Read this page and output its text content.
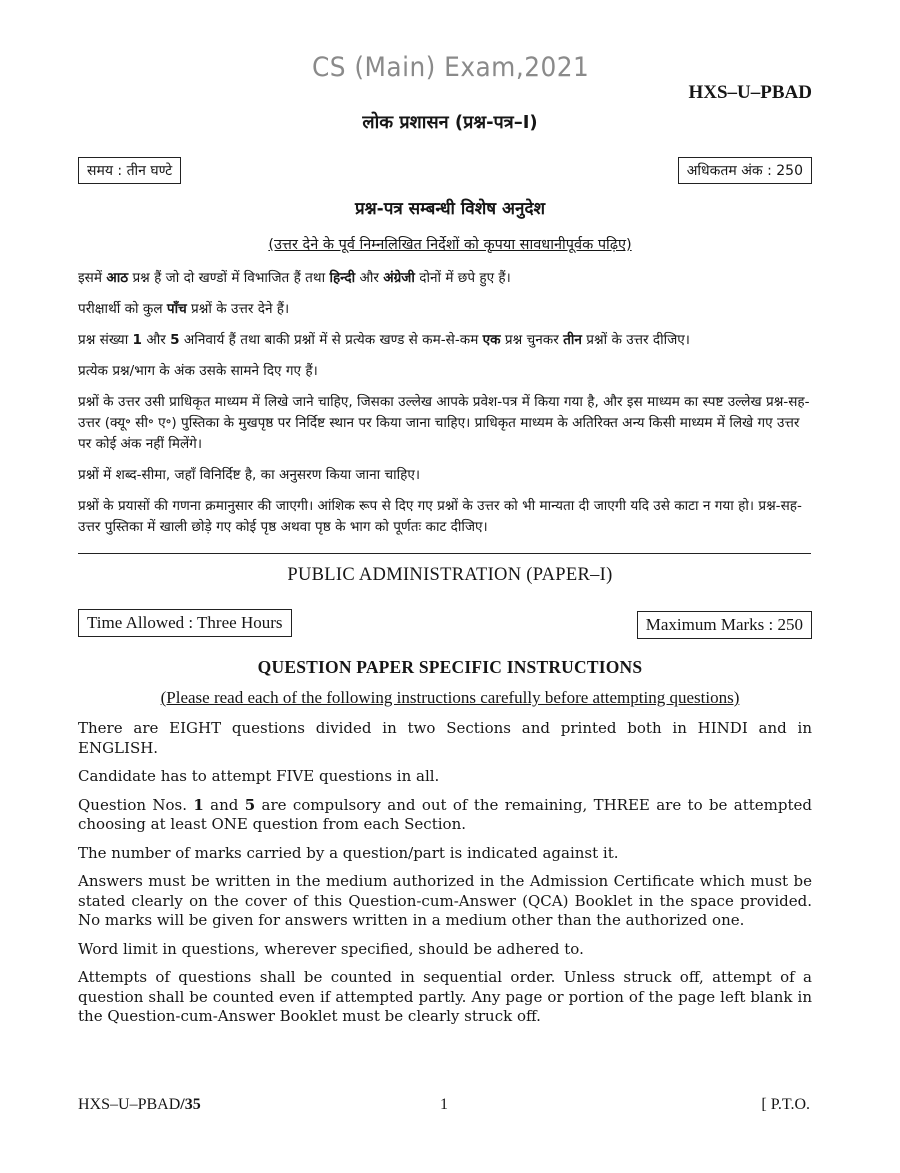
CS (Main) Exam,2021
HXS–U–PBAD
लोक प्रशासन (प्रश्न-पत्र–I)
समय : तीन घण्टे	अधिकतम अंक : 250
प्रश्न-पत्र सम्बन्धी विशेष अनुदेश
(उत्तर देने के पूर्व निम्नलिखित निर्देशों को कृपया सावधानीपूर्वक पढ़िए)

इसमें आठ प्रश्न हैं जो दो खण्डों में विभाजित हैं तथा हिन्दी और अंग्रेजी दोनों में छपे हुए हैं।

परीक्षार्थी को कुल पाँच प्रश्नों के उत्तर देने हैं।

प्रश्न संख्या 1 और 5 अनिवार्य हैं तथा बाकी प्रश्नों में से प्रत्येक खण्ड से कम-से-कम एक प्रश्न चुनकर तीन प्रश्नों के उत्तर दीजिए।

प्रत्येक प्रश्न/भाग के अंक उसके सामने दिए गए हैं।

प्रश्नों के उत्तर उसी प्राधिकृत माध्यम में लिखे जाने चाहिए, जिसका उल्लेख आपके प्रवेश-पत्र में किया गया है, और इस माध्यम का स्पष्ट उल्लेख प्रश्न-सह-उत्तर (क्यू॰ सी॰ ए॰) पुस्तिका के मुखपृष्ठ पर निर्दिष्ट स्थान पर किया जाना चाहिए। प्राधिकृत माध्यम के अतिरिक्त अन्य किसी माध्यम में लिखे गए उत्तर पर कोई अंक नहीं मिलेंगे।

प्रश्नों में शब्द-सीमा, जहाँ विनिर्दिष्ट है, का अनुसरण किया जाना चाहिए।

प्रश्नों के प्रयासों की गणना क्रमानुसार की जाएगी। आंशिक रूप से दिए गए प्रश्नों के उत्तर को भी मान्यता दी जाएगी यदि उसे काटा न गया हो। प्रश्न-सह-उत्तर पुस्तिका में खाली छोड़े गए कोई पृष्ठ अथवा पृष्ठ के भाग को पूर्णतः काट दीजिए।

PUBLIC ADMINISTRATION (PAPER–I)
Time Allowed : Three Hours	Maximum Marks : 250
QUESTION PAPER SPECIFIC INSTRUCTIONS
(Please read each of the following instructions carefully before attempting questions)

There are EIGHT questions divided in two Sections and printed both in HINDI and in ENGLISH.

Candidate has to attempt FIVE questions in all.

Question Nos. 1 and 5 are compulsory and out of the remaining, THREE are to be attempted choosing at least ONE question from each Section.

The number of marks carried by a question/part is indicated against it.

Answers must be written in the medium authorized in the Admission Certificate which must be stated clearly on the cover of this Question-cum-Answer (QCA) Booklet in the space provided. No marks will be given for answers written in a medium other than the authorized one.

Word limit in questions, wherever specified, should be adhered to.

Attempts of questions shall be counted in sequential order. Unless struck off, attempt of a question shall be counted even if attempted partly. Any page or portion of the page left blank in the Question-cum-Answer Booklet must be clearly struck off.

HXS–U–PBAD/35	1	[ P.T.O.
